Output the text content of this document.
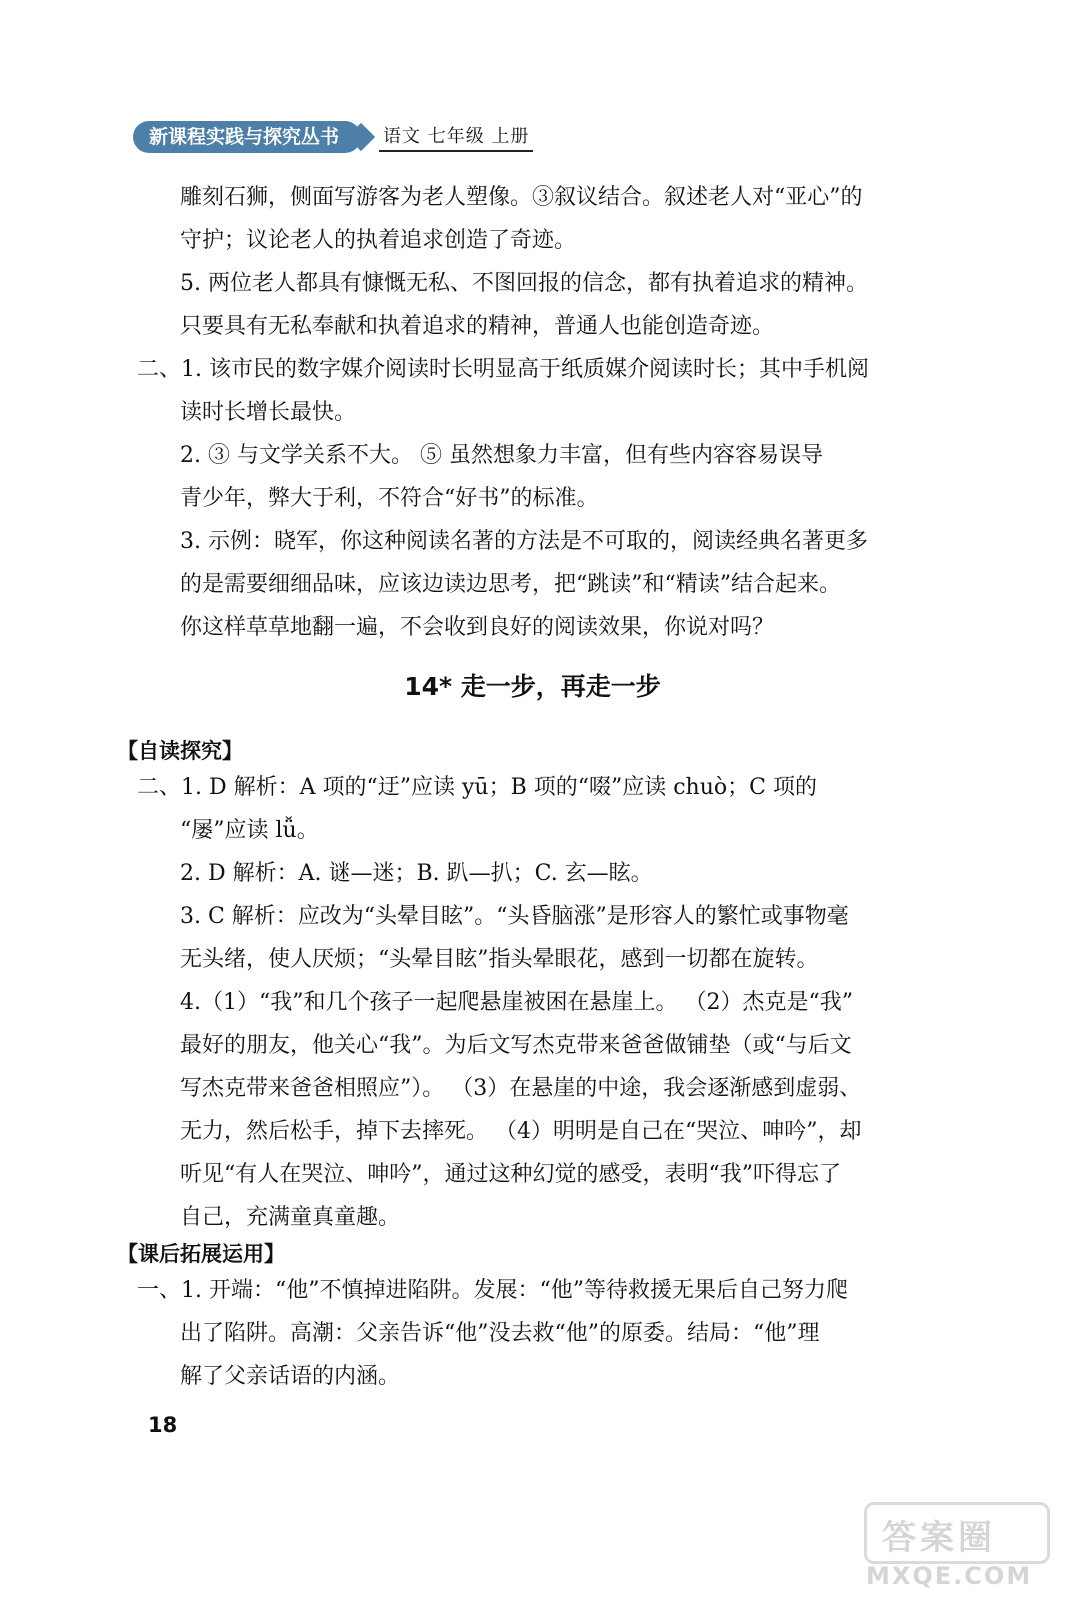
新课程实践与探究丛书	语文 七年级 上册
雕刻石狮，侧面写游客为老人塑像。③叙议结合。叙述老人对“亚心”的
守护；议论老人的执着追求创造了奇迹。
5. 两位老人都具有慷慨无私、不图回报的信念，都有执着追求的精神。
只要具有无私奉献和执着追求的精神，普通人也能创造奇迹。
二、1. 该市民的数字媒介阅读时长明显高于纸质媒介阅读时长；其中手机阅
读时长增长最快。
2. ③ 与文学关系不大。 ⑤ 虽然想象力丰富，但有些内容容易误导
青少年，弊大于利，不符合“好书”的标准。
3. 示例：晓军，你这种阅读名著的方法是不可取的，阅读经典名著更多
的是需要细细品味，应该边读边思考，把“跳读”和“精读”结合起来。
你这样草草地翻一遍，不会收到良好的阅读效果，你说对吗？
14* 走一步，再走一步
【自读探究】
二、1. D 解析：A 项的“迂”应读 yū；B 项的“啜”应读 chuò；C 项的
“屡”应读 lǚ。
2. D 解析：A. 谜—迷；B. 趴—扒；C. 玄—眩。
3. C 解析：应改为“头晕目眩”。“头昏脑涨”是形容人的繁忙或事物毫
无头绪，使人厌烦；“头晕目眩”指头晕眼花，感到一切都在旋转。
4.（1）“我”和几个孩子一起爬悬崖被困在悬崖上。 （2）杰克是“我”
最好的朋友，他关心“我”。为后文写杰克带来爸爸做铺垫（或“与后文
写杰克带来爸爸相照应”）。 （3）在悬崖的中途，我会逐渐感到虚弱、
无力，然后松手，掉下去摔死。 （4）明明是自己在“哭泣、呻吟”，却
听见“有人在哭泣、呻吟”，通过这种幻觉的感受，表明“我”吓得忘了
自己，充满童真童趣。
【课后拓展运用】
一、1. 开端：“他”不慎掉进陷阱。发展：“他”等待救援无果后自己努力爬
出了陷阱。高潮：父亲告诉“他”没去救“他”的原委。结局：“他”理
解了父亲话语的内涵。
18
答案圈
MXQE.COM
